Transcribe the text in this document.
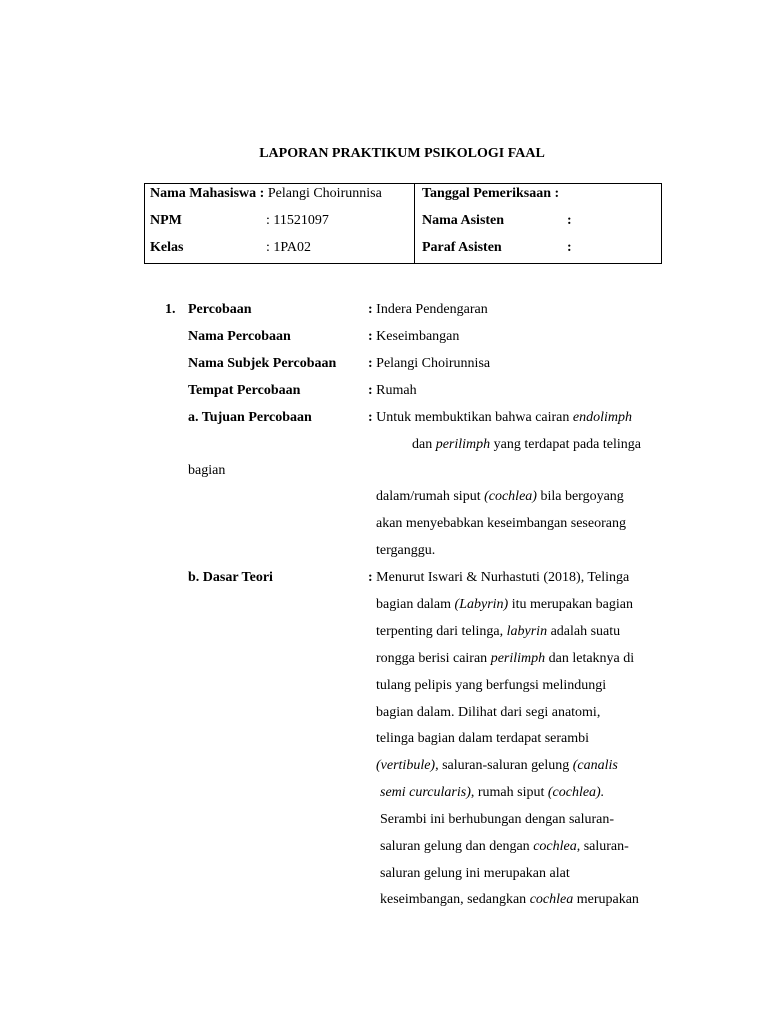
LAPORAN PRAKTIKUM PSIKOLOGI FAAL
Nama Mahasiswa : Pelangi Choirunnisa
NPM	: 11521097
Kelas	: 1PA02

Tanggal Pemeriksaan :
Nama Asisten	:
Paraf Asisten	:
1. Percobaan	: Indera Pendengaran
Nama Percobaan	: Keseimbangan
Nama Subjek Percobaan : Pelangi Choirunnisa
Tempat Percobaan	: Rumah
a. Tujuan Percobaan	: Untuk membuktikan bahwa cairan endolimph
dan perilimph yang terdapat pada telinga
bagian
dalam/rumah siput (cochlea) bila bergoyang
akan menyebabkan keseimbangan seseorang
terganggu.
b. Dasar Teori	: Menurut Iswari & Nurhastuti (2018), Telinga
bagian dalam (Labyrin) itu merupakan bagian
terpenting dari telinga, labyrin adalah suatu
rongga berisi cairan perilimph dan letaknya di
tulang pelipis yang berfungsi melindungi
bagian dalam. Dilihat dari segi anatomi,
telinga bagian dalam terdapat serambi
(vertibule), saluran-saluran gelung (canalis
semi curcularis), rumah siput (cochlea).
Serambi ini berhubungan dengan saluran-
saluran gelung dan dengan cochlea, saluran-
saluran gelung ini merupakan alat
keseimbangan, sedangkan cochlea merupakan
